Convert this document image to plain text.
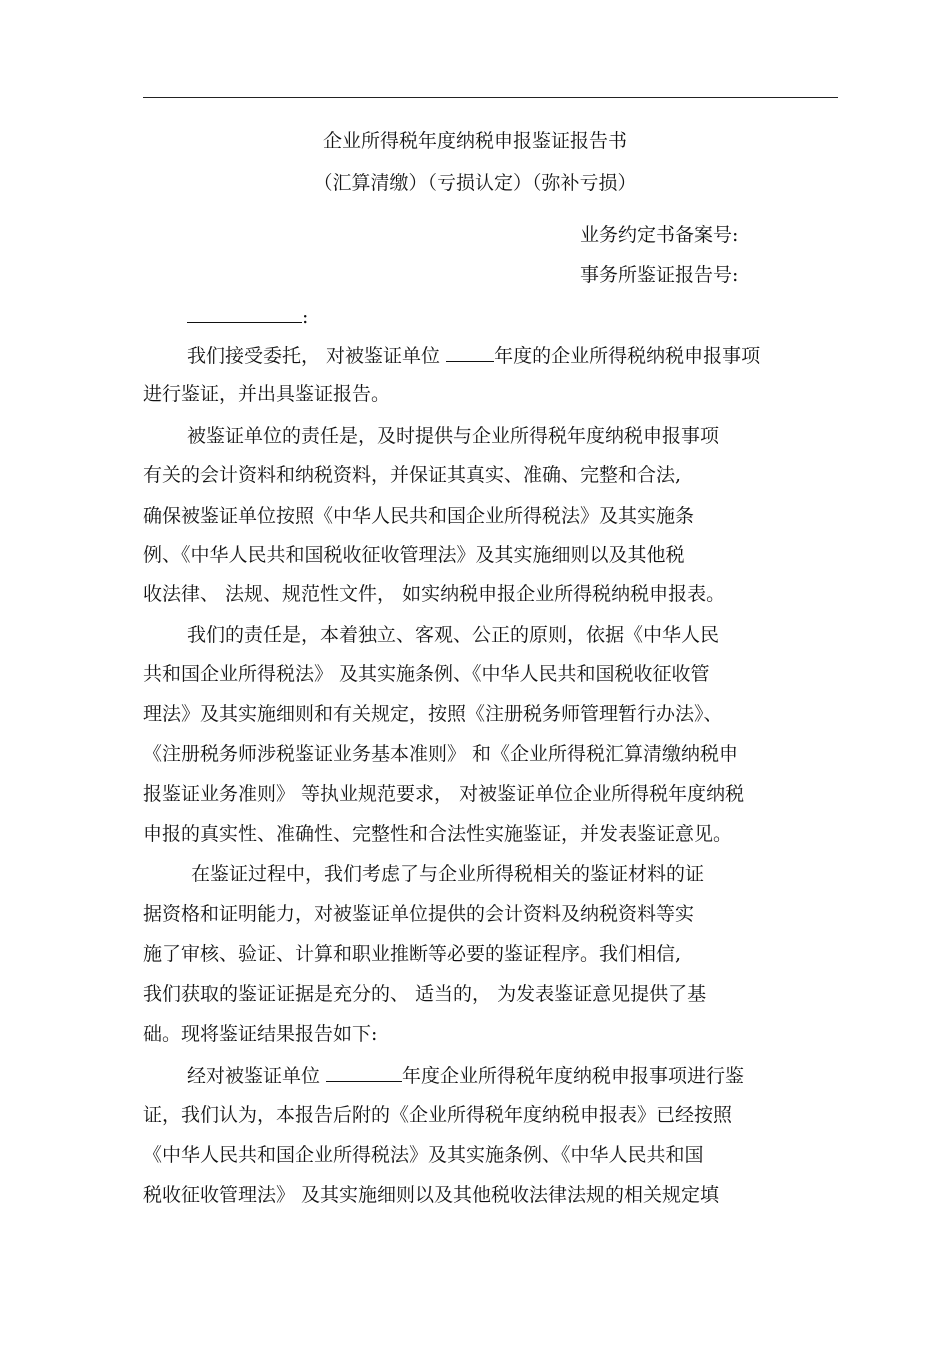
企业所得税年度纳税申报鉴证报告书
（汇算清缴）（亏损认定）（弥补亏损）
业务约定书备案号:
事务所鉴证报告号:
:
我们接受委托， 对被鉴证单位	年度的企业所得税纳税申报事项
进行鉴证，并出具鉴证报告。
被鉴证单位的责任是，及时提供与企业所得税年度纳税申报事项
有关的会计资料和纳税资料，并保证其真实、准确、完整和合法,
确保被鉴证单位按照《中华人民共和国企业所得税法》及其实施条
例、《中华人民共和国税收征收管理法》及其实施细则以及其他税
收法律、 法规、规范性文件， 如实纳税申报企业所得税纳税申报表。
我们的责任是，本着独立、客观、公正的原则，依据《中华人民
共和国企业所得税法》 及其实施条例、《中华人民共和国税收征收管
理法》及其实施细则和有关规定，按照《注册税务师管理暂行办法》、
《注册税务师涉税鉴证业务基本准则》 和《企业所得税汇算清缴纳税申
报鉴证业务准则》 等执业规范要求， 对被鉴证单位企业所得税年度纳税
申报的真实性、准确性、完整性和合法性实施鉴证，并发表鉴证意见。
在鉴证过程中，我们考虑了与企业所得税相关的鉴证材料的证
据资格和证明能力，对被鉴证单位提供的会计资料及纳税资料等实
施了审核、验证、计算和职业推断等必要的鉴证程序。我们相信,
我们获取的鉴证证据是充分的、 适当的， 为发表鉴证意见提供了基
础。现将鉴证结果报告如下:
经对被鉴证单位	年度企业所得税年度纳税申报事项进行鉴
证，我们认为，本报告后附的《企业所得税年度纳税申报表》已经按照
《中华人民共和国企业所得税法》及其实施条例、《中华人民共和国
税收征收管理法》 及其实施细则以及其他税收法律法规的相关规定填
